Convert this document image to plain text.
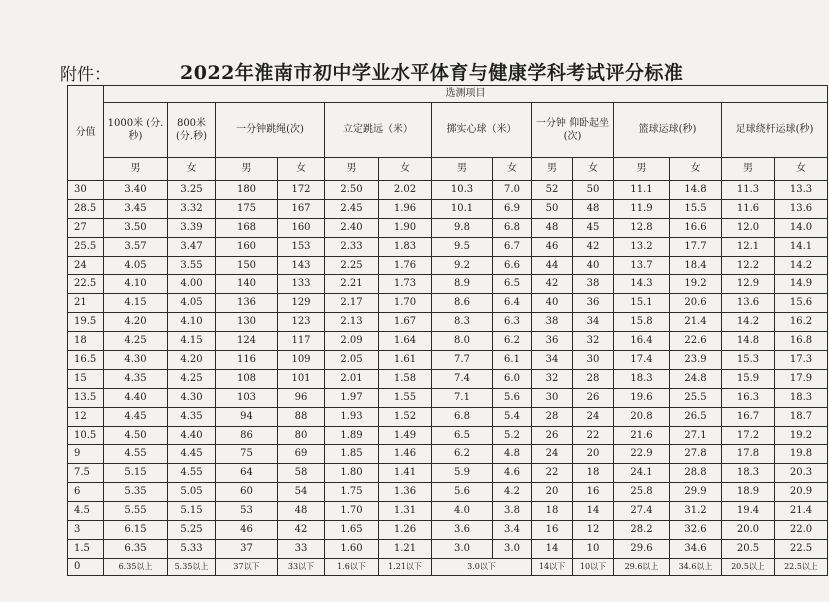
附件：	2022年淮南市初中学业水平体育与健康学科考试评分标准
分值	选测项目													
	1000米 (分.秒)	800米 (分.秒)	一分钟跳绳(次)		立定跳远（米）		掷实心球（米）		一分钟 仰卧起坐(次)		篮球运球(秒)		足球绕杆运球(秒)	
	男	女	男	女	男	女	男	女	男	女	男	女	男	女
30	3.40	3.25	180	172	2.50	2.02	10.3	7.0	52	50	11.1	14.8	11.3	13.3
28.5	3.45	3.32	175	167	2.45	1.96	10.1	6.9	50	48	11.9	15.5	11.6	13.6
27	3.50	3.39	168	160	2.40	1.90	9.8	6.8	48	45	12.8	16.6	12.0	14.0
25.5	3.57	3.47	160	153	2.33	1.83	9.5	6.7	46	42	13.2	17.7	12.1	14.1
24	4.05	3.55	150	143	2.25	1.76	9.2	6.6	44	40	13.7	18.4	12.2	14.2
22.5	4.10	4.00	140	133	2.21	1.73	8.9	6.5	42	38	14.3	19.2	12.9	14.9
21	4.15	4.05	136	129	2.17	1.70	8.6	6.4	40	36	15.1	20.6	13.6	15.6
19.5	4.20	4.10	130	123	2.13	1.67	8.3	6.3	38	34	15.8	21.4	14.2	16.2
18	4.25	4.15	124	117	2.09	1.64	8.0	6.2	36	32	16.4	22.6	14.8	16.8
16.5	4.30	4.20	116	109	2.05	1.61	7.7	6.1	34	30	17.4	23.9	15.3	17.3
15	4.35	4.25	108	101	2.01	1.58	7.4	6.0	32	28	18.3	24.8	15.9	17.9
13.5	4.40	4.30	103	96	1.97	1.55	7.1	5.6	30	26	19.6	25.5	16.3	18.3
12	4.45	4.35	94	88	1.93	1.52	6.8	5.4	28	24	20.8	26.5	16.7	18.7
10.5	4.50	4.40	86	80	1.89	1.49	6.5	5.2	26	22	21.6	27.1	17.2	19.2
9	4.55	4.45	75	69	1.85	1.46	6.2	4.8	24	20	22.9	27.8	17.8	19.8
7.5	5.15	4.55	64	58	1.80	1.41	5.9	4.6	22	18	24.1	28.8	18.3	20.3
6	5.35	5.05	60	54	1.75	1.36	5.6	4.2	20	16	25.8	29.9	18.9	20.9
4.5	5.55	5.15	53	48	1.70	1.31	4.0	3.8	18	14	27.4	31.2	19.4	21.4
3	6.15	5.25	46	42	1.65	1.26	3.6	3.4	16	12	28.2	32.6	20.0	22.0
1.5	6.35	5.33	37	33	1.60	1.21	3.0	3.0	14	10	29.6	34.6	20.5	22.5
0	6.35以上	5.35以上	37以下	33以下	1.6以下	1.21以下	3.0以下		14以下	10以下	29.6以上	34.6以上	20.5以上	22.5以上
